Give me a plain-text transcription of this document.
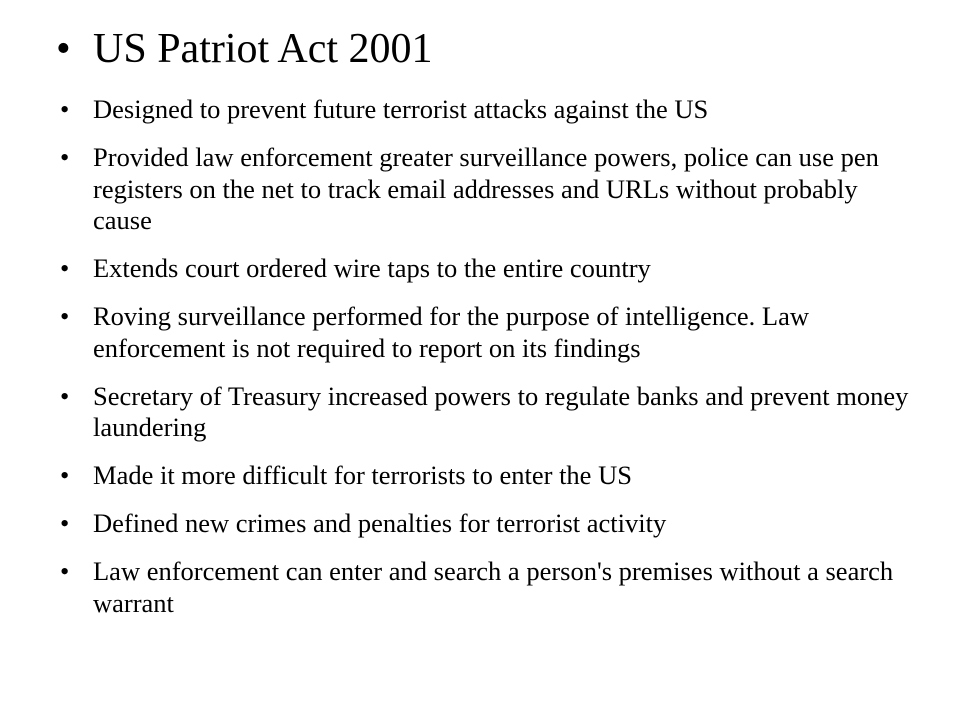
• US Patriot Act 2001
• Designed to prevent future terrorist attacks against the US
• Provided law enforcement greater surveillance powers, police can use pen registers on the net to track email addresses and URLs without probably cause
• Extends court ordered wire taps to the entire country
• Roving surveillance performed for the purpose of intelligence. Law enforcement is not required to report on its findings
• Secretary of Treasury increased powers to regulate banks and prevent money laundering
• Made it more difficult for terrorists to enter the US
• Defined new crimes and penalties for terrorist activity
• Law enforcement can enter and search a person's premises without a search warrant
